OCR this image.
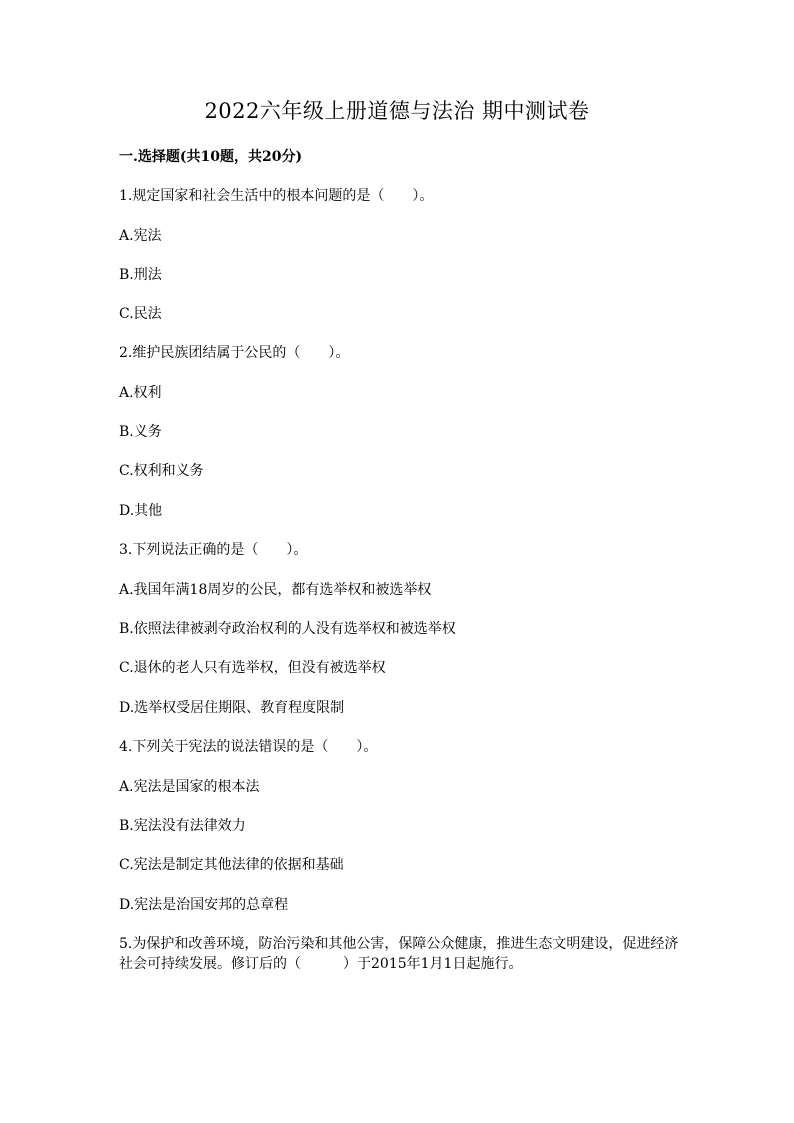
2022六年级上册道德与法治 期中测试卷
一.选择题(共10题，共20分)
1.规定国家和社会生活中的根本问题的是（　　）。
A.宪法
B.刑法
C.民法
2.维护民族团结属于公民的（　　）。
A.权利
B.义务
C.权利和义务
D.其他
3.下列说法正确的是（　　）。
A.我国年满18周岁的公民，都有选举权和被选举权
B.依照法律被剥夺政治权利的人没有选举权和被选举权
C.退休的老人只有选举权，但没有被选举权
D.选举权受居住期限、教育程度限制
4.下列关于宪法的说法错误的是（　　）。
A.宪法是国家的根本法
B.宪法没有法律效力
C.宪法是制定其他法律的依据和基础
D.宪法是治国安邦的总章程
5.为保护和改善环境，防治污染和其他公害，保障公众健康，推进生态文明建设，促进经济社会可持续发展。修订后的（　　　）于2015年1月1日起施行。
